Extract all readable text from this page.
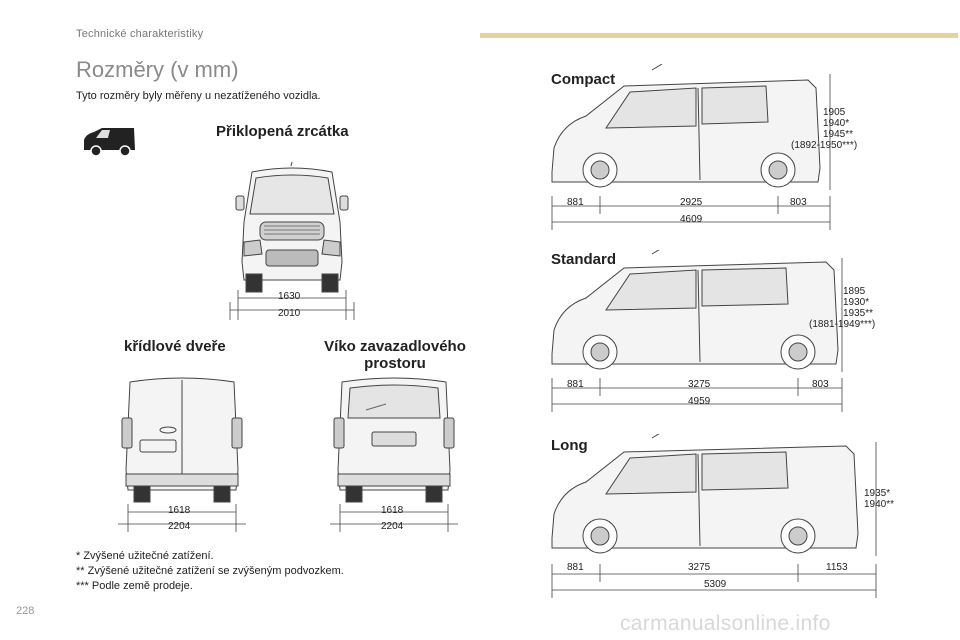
Technické charakteristiky
Rozměry (v mm)
Tyto rozměry byly měřeny u nezatíženého vozidla.
Přiklopená zrcátka
1630
2010
křídlové dveře
1618
2204
Víko zavazadlového
prostoru
1618
2204
* Zvýšené užitečné zatížení.
** Zvýšené užitečné zatížení se zvýšeným podvozkem.
*** Podle země prodeje.
Compact
1905
1940*
1945**
(1892-1950***)
881	2925	803
4609
Standard
1895
1930*
1935**
(1881-1949***)
881	3275	803
4959
Long
1935*
1940**
881	3275	1153
5309
228
carmanualsonline.info
